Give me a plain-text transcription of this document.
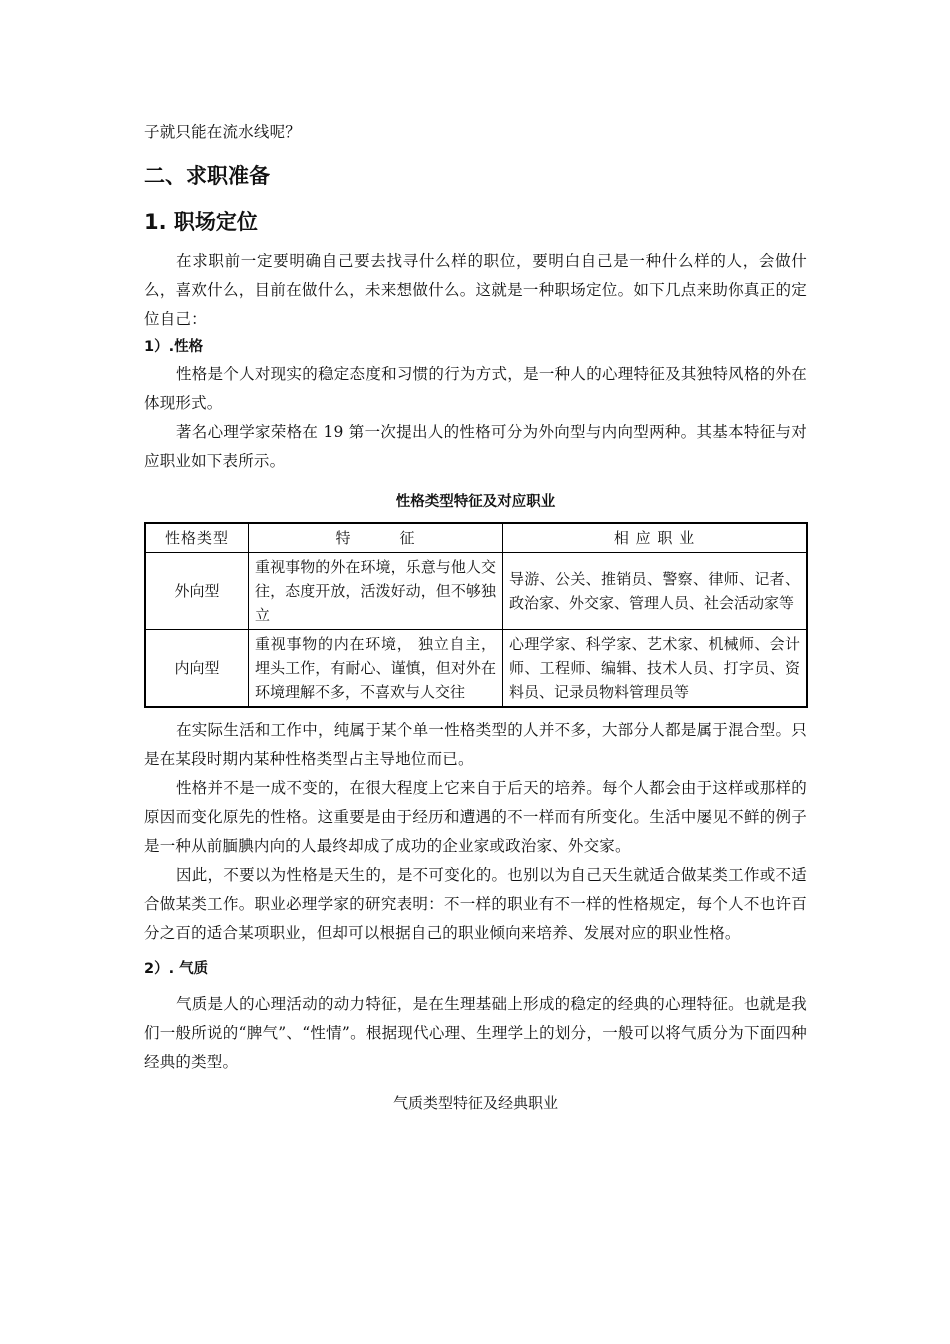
子就只能在流水线呢？

二、求职准备
1. 职场定位

在求职前一定要明确自己要去找寻什么样的职位，要明白自己是一种什么样的人，会做什么，喜欢什么，目前在做什么，未来想做什么。这就是一种职场定位。如下几点来助你真正的定位自己：

1）.性格

性格是个人对现实的稳定态度和习惯的行为方式，是一种人的心理特征及其独特风格的外在体现形式。

著名心理学家荣格在 19 第一次提出人的性格可分为外向型与内向型两种。其基本特征与对应职业如下表所示。

性格类型特征及对应职业
性格类型	特　　　征	相 应 职 业
外向型	重视事物的外在环境，乐意与他人交往，态度开放，活泼好动，但不够独立	导游、公关、推销员、警察、律师、记者、政治家、外交家、管理人员、社会活动家等
内向型	重视事物的内在环境， 独立自主，埋头工作，有耐心、谨慎，但对外在环境理解不多，不喜欢与人交往	心理学家、科学家、艺术家、机械师、会计师、工程师、编辑、技术人员、打字员、资料员、记录员物料管理员等

在实际生活和工作中，纯属于某个单一性格类型的人并不多，大部分人都是属于混合型。只是在某段时期内某种性格类型占主导地位而已。

性格并不是一成不变的，在很大程度上它来自于后天的培养。每个人都会由于这样或那样的原因而变化原先的性格。这重要是由于经历和遭遇的不一样而有所变化。生活中屡见不鲜的例子是一种从前腼腆内向的人最终却成了成功的企业家或政治家、外交家。

因此，不要以为性格是天生的，是不可变化的。也别以为自己天生就适合做某类工作或不适合做某类工作。职业必理学家的研究表明：不一样的职业有不一样的性格规定，每个人不也许百分之百的适合某项职业，但却可以根据自己的职业倾向来培养、发展对应的职业性格。

2）. 气质

气质是人的心理活动的动力特征，是在生理基础上形成的稳定的经典的心理特征。也就是我们一般所说的“脾气”、“性情”。根据现代心理、生理学上的划分，一般可以将气质分为下面四种经典的类型。

气质类型特征及经典职业
